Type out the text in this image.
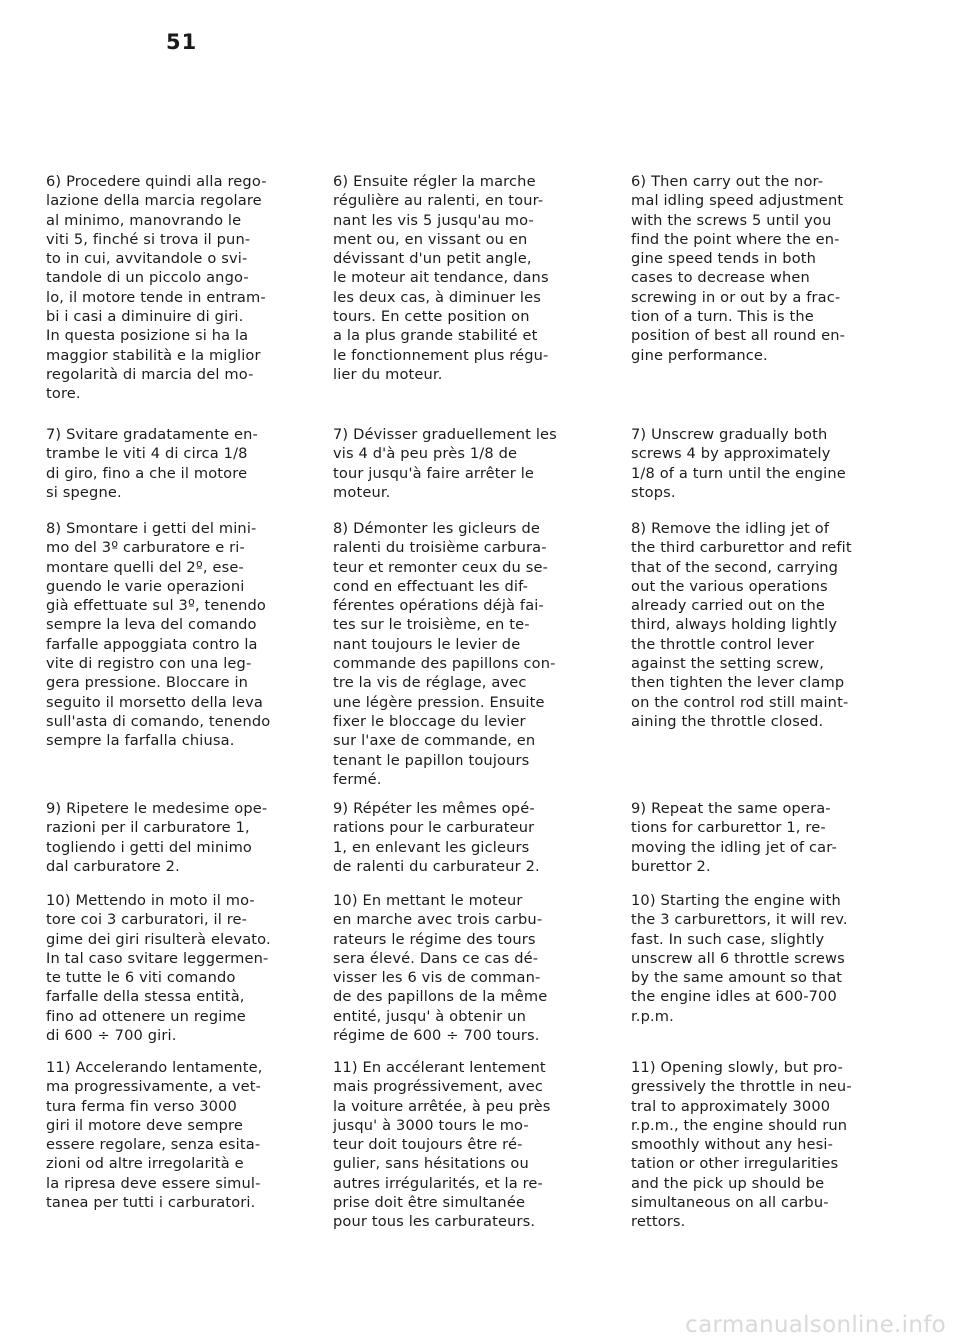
51

6) Procedere quindi alla rego-
lazione della marcia regolare
al minimo, manovrando le
viti 5, finché si trova il pun-
to in cui, avvitandole o svi-
tandole di un piccolo ango-
lo, il motore tende in entram-
bi i casi a diminuire di giri.
In questa posizione si ha la
maggior stabilità e la miglior
regolarità di marcia del mo-
tore.

7) Svitare gradatamente en-
trambe le viti 4 di circa 1/8
di giro, fino a che il motore
si spegne.

8) Smontare i getti del mini-
mo del 3º carburatore e ri-
montare quelli del 2º, ese-
guendo le varie operazioni
già effettuate sul 3º, tenendo
sempre la leva del comando
farfalle appoggiata contro la
vite di registro con una leg-
gera pressione. Bloccare in
seguito il morsetto della leva
sull'asta di comando, tenendo
sempre la farfalla chiusa.

9) Ripetere le medesime ope-
razioni per il carburatore 1,
togliendo i getti del minimo
dal carburatore 2.

10) Mettendo in moto il mo-
tore coi 3 carburatori, il re-
gime dei giri risulterà elevato.
In tal caso svitare leggermen-
te tutte le 6 viti comando
farfalle della stessa entità,
fino ad ottenere un regime
di 600 ÷ 700 giri.

11) Accelerando lentamente,
ma progressivamente, a vet-
tura ferma fin verso 3000
giri il motore deve sempre
essere regolare, senza esita-
zioni od altre irregolarità e
la ripresa deve essere simul-
tanea per tutti i carburatori.

6) Ensuite régler la marche
régulière au ralenti, en tour-
nant les vis 5 jusqu'au mo-
ment ou, en vissant ou en
dévissant d'un petit angle,
le moteur ait tendance, dans
les deux cas, à diminuer les
tours. En cette position on
a la plus grande stabilité et
le fonctionnement plus régu-
lier du moteur.

7) Dévisser graduellement les
vis 4 d'à peu près 1/8 de
tour jusqu'à faire arrêter le
moteur.

8) Démonter les gicleurs de
ralenti du troisième carbura-
teur et remonter ceux du se-
cond en effectuant les dif-
férentes opérations déjà fai-
tes sur le troisième, en te-
nant toujours le levier de
commande des papillons con-
tre la vis de réglage, avec
une légère pression. Ensuite
fixer le bloccage du levier
sur l'axe de commande, en
tenant le papillon toujours
fermé.

9) Répéter les mêmes opé-
rations pour le carburateur
1, en enlevant les gicleurs
de ralenti du carburateur 2.

10) En mettant le moteur
en marche avec trois carbu-
rateurs le régime des tours
sera élevé. Dans ce cas dé-
visser les 6 vis de comman-
de des papillons de la même
entité, jusqu' à obtenir un
régime de 600 ÷ 700 tours.

11) En accélerant lentement
mais progréssivement, avec
la voiture arrêtée, à peu près
jusqu' à 3000 tours le mo-
teur doit toujours être ré-
gulier, sans hésitations ou
autres irrégularités, et la re-
prise doit être simultanée
pour tous les carburateurs.

6) Then carry out the nor-
mal idling speed adjustment
with the screws 5 until you
find the point where the en-
gine speed tends in both
cases to decrease when
screwing in or out by a frac-
tion of a turn. This is the
position of best all round en-
gine performance.

7) Unscrew gradually both
screws 4 by approximately
1/8 of a turn until the engine
stops.

8) Remove the idling jet of
the third carburettor and refit
that of the second, carrying
out the various operations
already carried out on the
third, always holding lightly
the throttle control lever
against the setting screw,
then tighten the lever clamp
on the control rod still maint-
aining the throttle closed.

9) Repeat the same opera-
tions for carburettor 1, re-
moving the idling jet of car-
burettor 2.

10) Starting the engine with
the 3 carburettors, it will rev.
fast. In such case, slightly
unscrew all 6 throttle screws
by the same amount so that
the engine idles at 600-700
r.p.m.

11) Opening slowly, but pro-
gressively the throttle in neu-
tral to approximately 3000
r.p.m., the engine should run
smoothly without any hesi-
tation or other irregularities
and the pick up should be
simultaneous on all carbu-
rettors.

carmanualsonline.info
